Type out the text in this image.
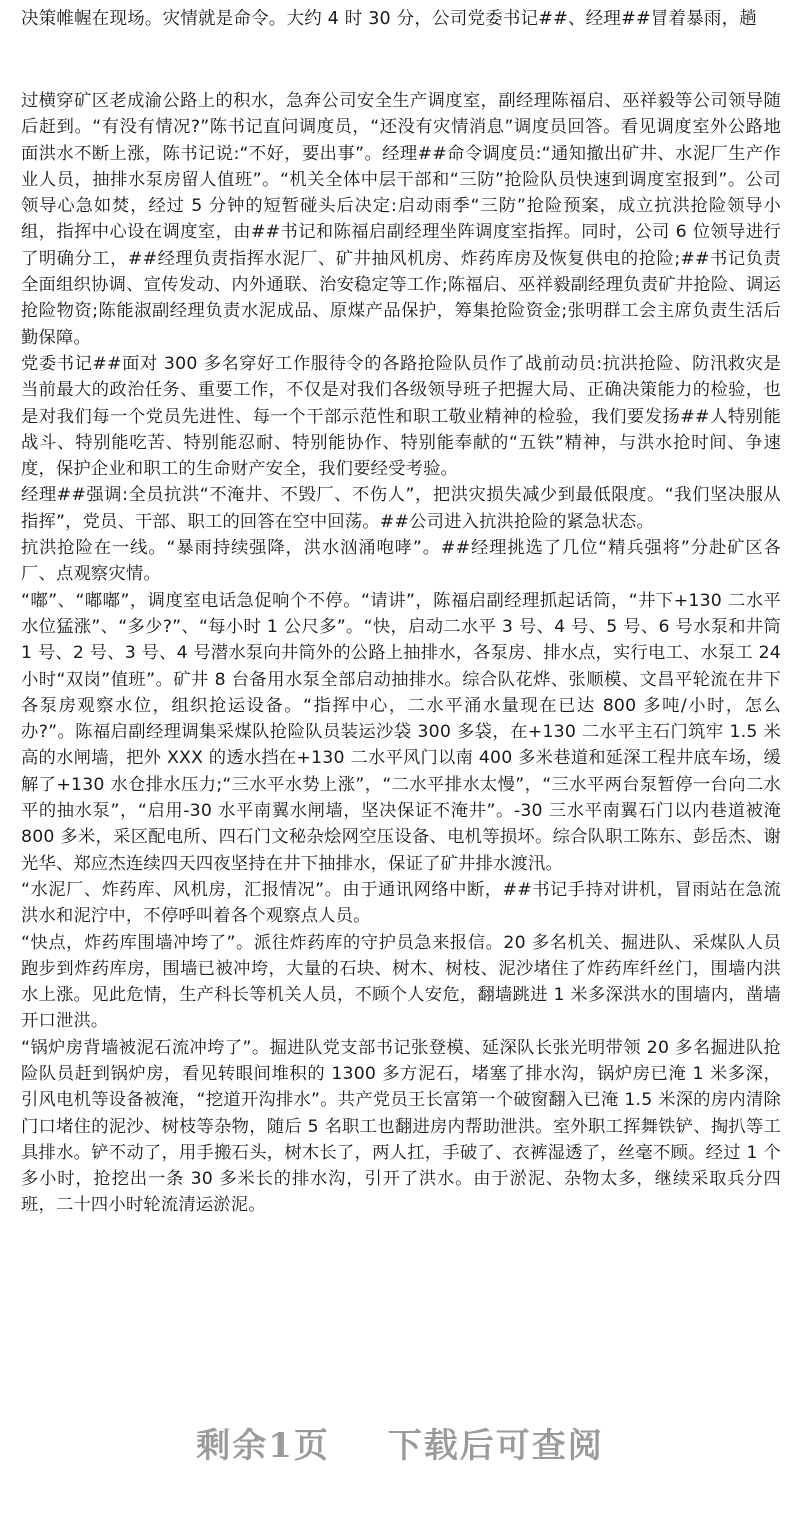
决策帷幄在现场。灾情就是命令。大约 4 时 30 分，公司党委书记##、经理##冒着暴雨，趟

过横穿矿区老成渝公路上的积水，急奔公司安全生产调度室，副经理陈福启、巫祥毅等公司领导随后赶到。“有没有情况?”陈书记直问调度员，“还没有灾情消息”调度员回答。看见调度室外公路地面洪水不断上涨，陈书记说:“不好，要出事”。经理##命令调度员:“通知撤出矿井、水泥厂生产作业人员，抽排水泵房留人值班”。“机关全体中层干部和“三防”抢险队员快速到调度室报到”。公司领导心急如焚，经过 5 分钟的短暂碰头后决定:启动雨季“三防”抢险预案，成立抗洪抢险领导小组，指挥中心设在调度室，由##书记和陈福启副经理坐阵调度室指挥。同时，公司 6 位领导进行了明确分工，##经理负责指挥水泥厂、矿井抽风机房、炸药库房及恢复供电的抢险;##书记负责全面组织协调、宣传发动、内外通联、治安稳定等工作;陈福启、巫祥毅副经理负责矿井抢险、调运抢险物资;陈能淑副经理负责水泥成品、原煤产品保护，筹集抢险资金;张明群工会主席负责生活后勤保障。

党委书记##面对 300 多名穿好工作服待令的各路抢险队员作了战前动员:抗洪抢险、防汛救灾是当前最大的政治任务、重要工作，不仅是对我们各级领导班子把握大局、正确决策能力的检验，也是对我们每一个党员先进性、每一个干部示范性和职工敬业精神的检验，我们要发扬##人特别能战斗、特别能吃苦、特别能忍耐、特别能协作、特别能奉献的“五铁”精神，与洪水抢时间、争速度，保护企业和职工的生命财产安全，我们要经受考验。

经理##强调:全员抗洪“不淹井、不毁厂、不伤人”，把洪灾损失减少到最低限度。“我们坚决服从指挥”，党员、干部、职工的回答在空中回荡。##公司进入抗洪抢险的紧急状态。

抗洪抢险在一线。“暴雨持续强降，洪水汹涌咆哮”。##经理挑选了几位“精兵强将”分赴矿区各厂、点观察灾情。

“嘟”、“嘟嘟”，调度室电话急促响个不停。“请讲”，陈福启副经理抓起话筒，“井下+130 二水平水位猛涨”、“多少?”、“每小时 1 公尺多”。“快，启动二水平 3 号、4 号、5 号、6 号水泵和井筒 1 号、2 号、3 号、4 号潜水泵向井筒外的公路上抽排水，各泵房、排水点，实行电工、水泵工 24 小时“双岗”值班”。矿井 8 台备用水泵全部启动抽排水。综合队花烨、张顺模、文昌平轮流在井下各泵房观察水位，组织抢运设备。“指挥中心，二水平涌水量现在已达 800 多吨/小时，怎么办?”。陈福启副经理调集采煤队抢险队员装运沙袋 300 多袋，在+130 二水平主石门筑牢 1.5 米高的水闸墙，把外 XXX 的透水挡在+130 二水平风门以南 400 多米巷道和延深工程井底车场，缓解了+130 水仓排水压力;“三水平水势上涨”，“二水平排水太慢”，“三水平两台泵暂停一台向二水平的抽水泵”，“启用-30 水平南翼水闸墙，坚决保证不淹井”。-30 三水平南翼石门以内巷道被淹 800 多米，采区配电所、四石门文秘杂烩网空压设备、电机等损坏。综合队职工陈东、彭岳杰、谢光华、郑应杰连续四天四夜坚持在井下抽排水，保证了矿井排水渡汛。

“水泥厂、炸药库、风机房，汇报情况”。由于通讯网络中断，##书记手持对讲机，冒雨站在急流洪水和泥泞中，不停呼叫着各个观察点人员。

“快点，炸药库围墙冲垮了”。派往炸药库的守护员急来报信。20 多名机关、掘进队、采煤队人员跑步到炸药库房，围墙已被冲垮，大量的石块、树木、树枝、泥沙堵住了炸药库纤丝门，围墙内洪水上涨。见此危情，生产科长等机关人员，不顾个人安危，翻墙跳进 1 米多深洪水的围墙内，凿墙开口泄洪。

“锅炉房背墙被泥石流冲垮了”。掘进队党支部书记张登模、延深队长张光明带领 20 多名掘进队抢险队员赶到锅炉房，看见转眼间堆积的 1300 多方泥石，堵塞了排水沟，锅炉房已淹 1 米多深，引风电机等设备被淹，“挖道开沟排水”。共产党员王长富第一个破窗翻入已淹 1.5 米深的房内清除门口堵住的泥沙、树枝等杂物，随后 5 名职工也翻进房内帮助泄洪。室外职工挥舞铁铲、掏扒等工具排水。铲不动了，用手搬石头，树木长了，两人扛，手破了、衣裤湿透了，丝毫不顾。经过 1 个多小时，抢挖出一条 30 多米长的排水沟，引开了洪水。由于淤泥、杂物太多，继续采取兵分四班，二十四小时轮流清运淤泥。

剩余1页 下载后可查阅
